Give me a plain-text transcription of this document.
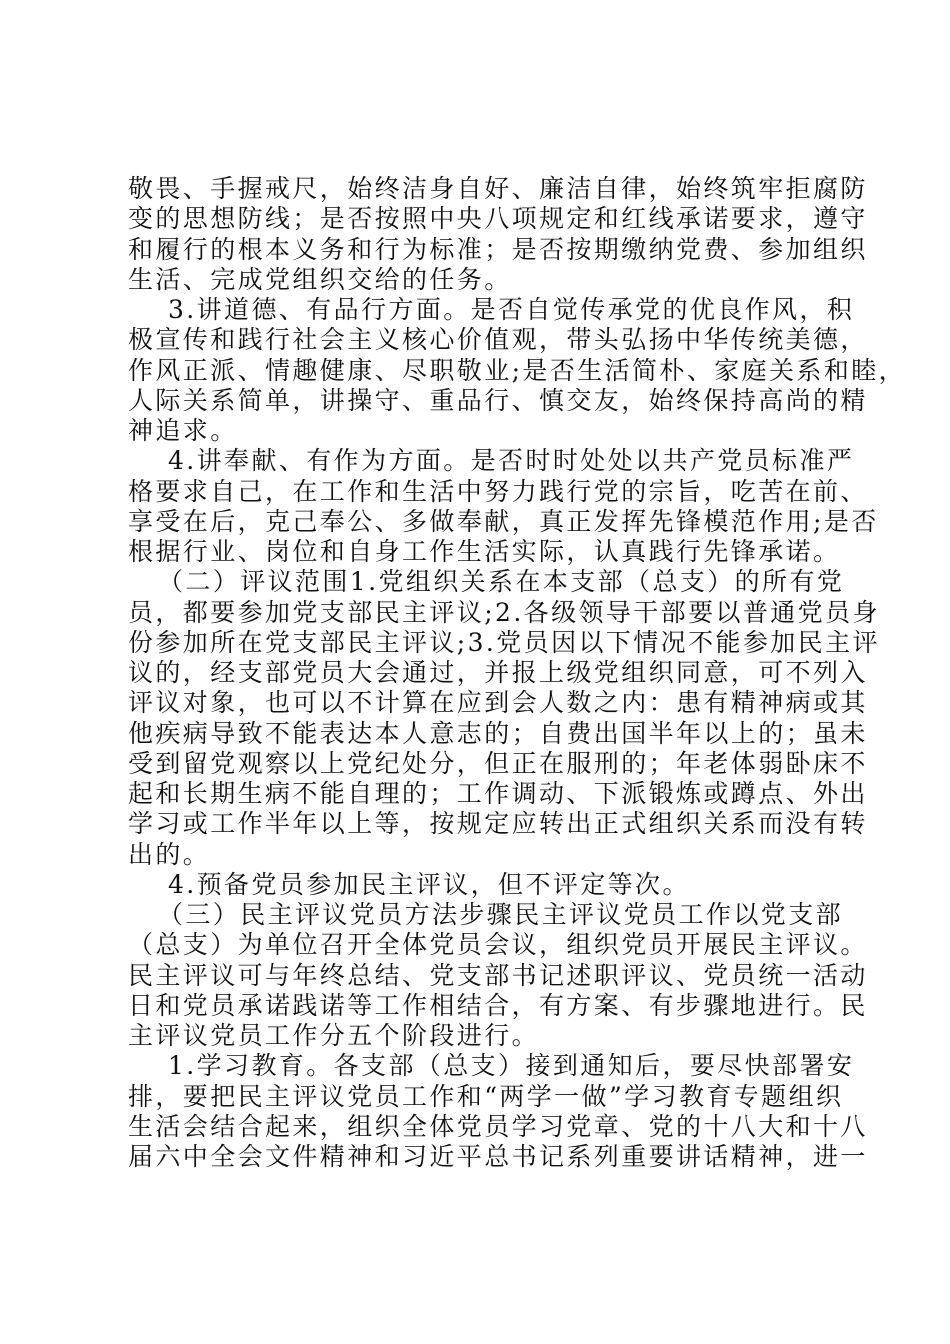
敬畏、手握戒尺，始终洁身自好、廉洁自律，始终筑牢拒腐防
变的思想防线；是否按照中央八项规定和红线承诺要求，遵守
和履行的根本义务和行为标准；是否按期缴纳党费、参加组织
生活、完成党组织交给的任务。
3.讲道德、有品行方面。是否自觉传承党的优良作风，积
极宣传和践行社会主义核心价值观，带头弘扬中华传统美德，
作风正派、情趣健康、尽职敬业;是否生活简朴、家庭关系和睦，
人际关系简单，讲操守、重品行、慎交友，始终保持高尚的精
神追求。
4.讲奉献、有作为方面。是否时时处处以共产党员标准严
格要求自己，在工作和生活中努力践行党的宗旨，吃苦在前、
享受在后，克己奉公、多做奉献，真正发挥先锋模范作用;是否
根据行业、岗位和自身工作生活实际，认真践行先锋承诺。
（二）评议范围1.党组织关系在本支部（总支）的所有党
员，都要参加党支部民主评议;2.各级领导干部要以普通党员身
份参加所在党支部民主评议;3.党员因以下情况不能参加民主评
议的，经支部党员大会通过，并报上级党组织同意，可不列入
评议对象，也可以不计算在应到会人数之内：患有精神病或其
他疾病导致不能表达本人意志的；自费出国半年以上的；虽未
受到留党观察以上党纪处分，但正在服刑的；年老体弱卧床不
起和长期生病不能自理的；工作调动、下派锻炼或蹲点、外出
学习或工作半年以上等，按规定应转出正式组织关系而没有转
出的。
4.预备党员参加民主评议，但不评定等次。
（三）民主评议党员方法步骤民主评议党员工作以党支部
（总支）为单位召开全体党员会议，组织党员开展民主评议。
民主评议可与年终总结、党支部书记述职评议、党员统一活动
日和党员承诺践诺等工作相结合，有方案、有步骤地进行。民
主评议党员工作分五个阶段进行。
1.学习教育。各支部（总支）接到通知后，要尽快部署安
排，要把民主评议党员工作和“两学一做”学习教育专题组织
生活会结合起来，组织全体党员学习党章、党的十八大和十八
届六中全会文件精神和习近平总书记系列重要讲话精神，进一
